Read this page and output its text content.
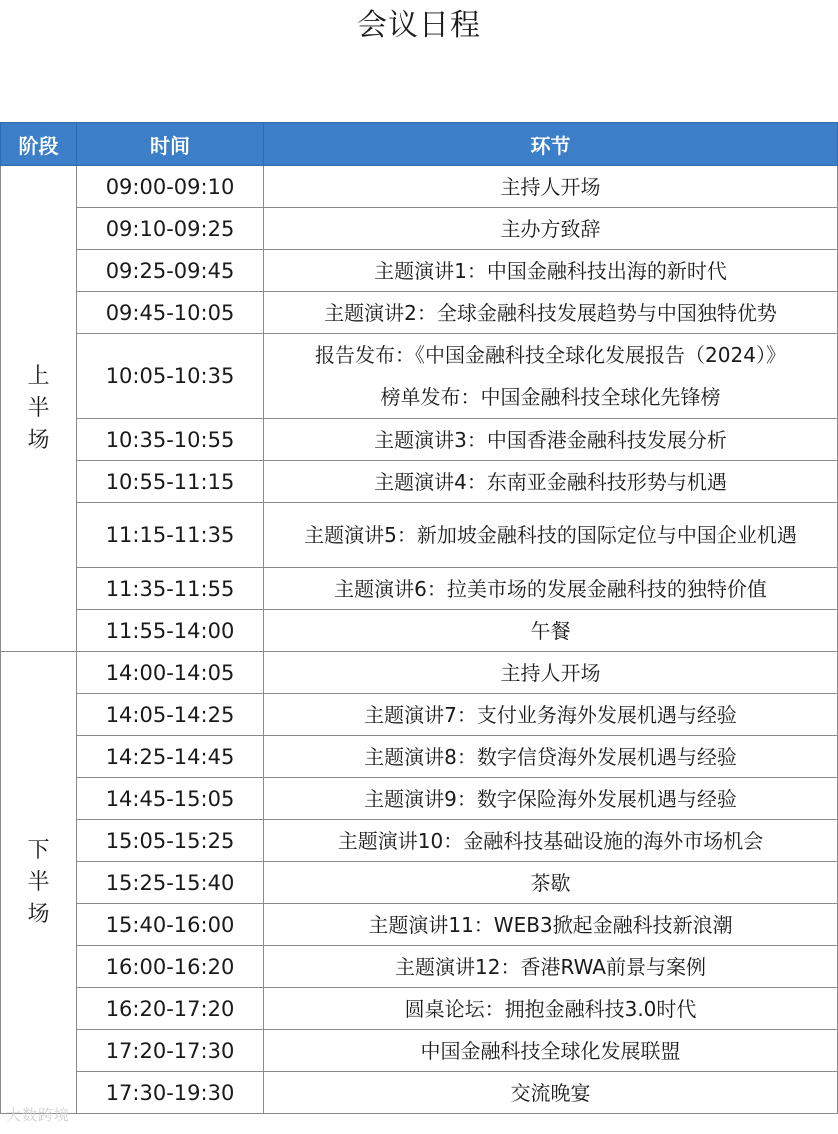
会议日程
阶段	时间	环节
上半场	09:00-09:10	主持人开场

	09:10-09:25	主办方致辞

	09:25-09:45	主题演讲1：中国金融科技出海的新时代

	09:45-10:05	主题演讲2：全球金融科技发展趋势与中国独特优势

	10:05-10:35	报告发布：《中国金融科技全球化发展报告（2024）》
榜单发布：中国金融科技全球化先锋榜

	10:35-10:55	主题演讲3：中国香港金融科技发展分析

	10:55-11:15	主题演讲4：东南亚金融科技形势与机遇

	11:15-11:35	主题演讲5：新加坡金融科技的国际定位与中国企业机遇

	11:35-11:55	主题演讲6：拉美市场的发展金融科技的独特价值

	11:55-14:00	午餐

下半场	14:00-14:05	主持人开场

	14:05-14:25	主题演讲7：支付业务海外发展机遇与经验

	14:25-14:45	主题演讲8：数字信贷海外发展机遇与经验

	14:45-15:05	主题演讲9：数字保险海外发展机遇与经验

	15:05-15:25	主题演讲10：金融科技基础设施的海外市场机会

	15:25-15:40	茶歇

	15:40-16:00	主题演讲11：WEB3掀起金融科技新浪潮

	16:00-16:20	主题演讲12：香港RWA前景与案例

	16:20-17:20	圆桌论坛：拥抱金融科技3.0时代

	17:20-17:30	中国金融科技全球化发展联盟

	17:30-19:30	交流晚宴
大数跨境
